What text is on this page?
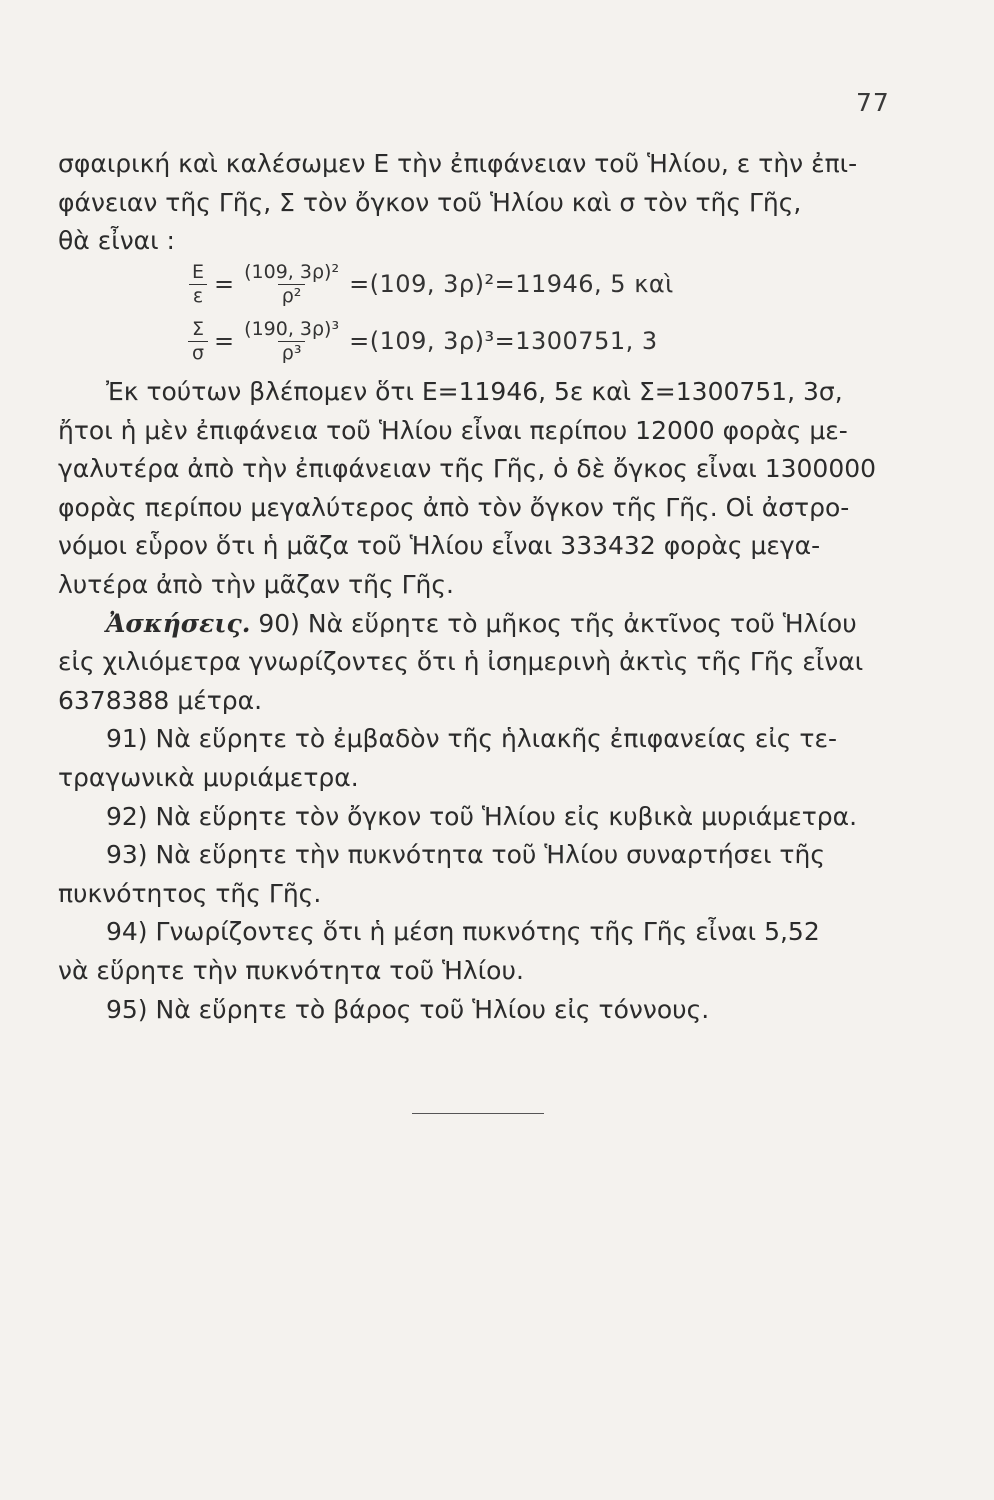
77
σφαιρική καὶ καλέσωμεν E τὴν ἐπιφάνειαν τοῦ Ἡλίου, ε τὴν ἐπι-
φάνειαν τῆς Γῆς, Σ τὸν ὄγκον τοῦ Ἡλίου καὶ σ τὸν τῆς Γῆς,
θὰ εἶναι :
$\frac{E}{\varepsilon} = \frac{\text{(109, 3ρ)²}}{\text{ρ²}} =(109$, 3ρ)²=11946, 5 καὶ
$\frac{\Sigma}{\sigma} = \frac{\text{(190, 3ρ)³}}{\text{ρ³}} =(109$, 3ρ)³=1300751, 3
Ἐκ τούτων βλέπομεν ὅτι E=11946, 5ε καὶ Σ=1300751, 3σ,
ἤτοι ἡ μὲν ἐπιφάνεια τοῦ Ἡλίου εἶναι περίπου 12000 φορὰς με-
γαλυτέρα ἀπὸ τὴν ἐπιφάνειαν τῆς Γῆς, ὁ δὲ ὄγκος εἶναι 1300000
φορὰς περίπου μεγαλύτερος ἀπὸ τὸν ὄγκον τῆς Γῆς. Οἱ ἀστρο-
νόμοι εὗρον ὅτι ἡ μᾶζα τοῦ Ἡλίου εἶναι 333432 φορὰς μεγα-
λυτέρα ἀπὸ τὴν μᾶζαν τῆς Γῆς.
Ἀσκήσεις. 90) Νὰ εὕρητε τὸ μῆκος τῆς ἀκτῖνος τοῦ Ἡλίου
εἰς χιλιόμετρα γνωρίζοντες ὅτι ἡ ἰσημερινὴ ἀκτὶς τῆς Γῆς εἶναι
6378388 μέτρα.
91) Νὰ εὕρητε τὸ ἐμβαδὸν τῆς ἡλιακῆς ἐπιφανείας εἰς τε-
τραγωνικὰ μυριάμετρα.
92) Νὰ εὕρητε τὸν ὄγκον τοῦ Ἡλίου εἰς κυβικὰ μυριάμετρα.
93) Νὰ εὕρητε τὴν πυκνότητα τοῦ Ἡλίου συναρτήσει τῆς
πυκνότητος τῆς Γῆς.
94) Γνωρίζοντες ὅτι ἡ μέση πυκνότης τῆς Γῆς εἶναι 5,52
νὰ εὕρητε τὴν πυκνότητα τοῦ Ἡλίου.
95) Νὰ εὕρητε τὸ βάρος τοῦ Ἡλίου εἰς τόννους.
